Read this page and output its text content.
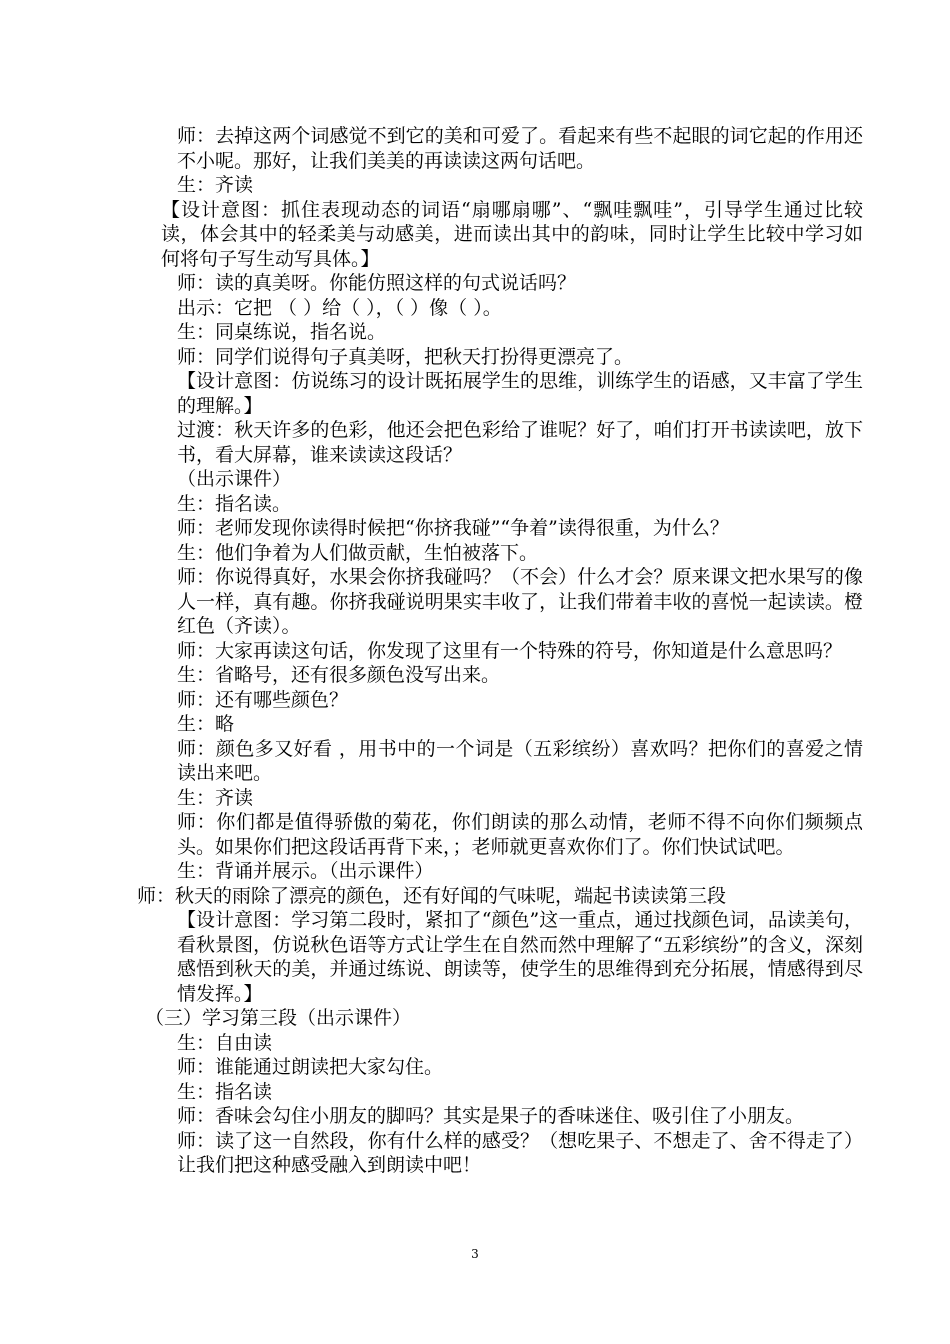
师：去掉这两个词感觉不到它的美和可爱了。看起来有些不起眼的词它起的作用还不小呢。那好，让我们美美的再读读这两句话吧。

生：齐读

【设计意图：抓住表现动态的词语“扇哪扇哪”、“飘哇飘哇”，引导学生通过比较读，体会其中的轻柔美与动感美，进而读出其中的韵味，同时让学生比较中学习如何将句子写生动写具体。】

师：读的真美呀。你能仿照这样的句式说话吗？

出示：它把 （ ）给（ ），（ ）像（ ）。

生：同桌练说，指名说。

师：同学们说得句子真美呀，把秋天打扮得更漂亮了。

【设计意图：仿说练习的设计既拓展学生的思维，训练学生的语感，又丰富了学生的理解。】

过渡：秋天许多的色彩，他还会把色彩给了谁呢？好了，咱们打开书读读吧，放下书，看大屏幕，谁来读读这段话？

（出示课件）

生：指名读。

师：老师发现你读得时候把“你挤我碰”“争着”读得很重，为什么？

生：他们争着为人们做贡献，生怕被落下。

师：你说得真好，水果会你挤我碰吗？（不会）什么才会？原来课文把水果写的像人一样，真有趣。你挤我碰说明果实丰收了，让我们带着丰收的喜悦一起读读。橙红色（齐读）。

师：大家再读这句话，你发现了这里有一个特殊的符号，你知道是什么意思吗？

生：省略号，还有很多颜色没写出来。

师：还有哪些颜色？

生：略

师：颜色多又好看 ，用书中的一个词是（五彩缤纷）喜欢吗？把你们的喜爱之情读出来吧。

生：齐读

师：你们都是值得骄傲的菊花，你们朗读的那么动情，老师不得不向你们频频点头。如果你们把这段话再背下来，；老师就更喜欢你们了。你们快试试吧。

生：背诵并展示。（出示课件）

师：秋天的雨除了漂亮的颜色，还有好闻的气味呢，端起书读读第三段

【设计意图：学习第二段时，紧扣了“颜色”这一重点，通过找颜色词，品读美句，看秋景图，仿说秋色语等方式让学生在自然而然中理解了“五彩缤纷”的含义，深刻感悟到秋天的美，并通过练说、朗读等，使学生的思维得到充分拓展，情感得到尽情发挥。】

（三）学习第三段（出示课件）

生：自由读

师：谁能通过朗读把大家勾住。

生：指名读

师：香味会勾住小朋友的脚吗？其实是果子的香味迷住、吸引住了小朋友。

师：读了这一自然段，你有什么样的感受？（想吃果子、不想走了、舍不得走了）让我们把这种感受融入到朗读中吧！

3
